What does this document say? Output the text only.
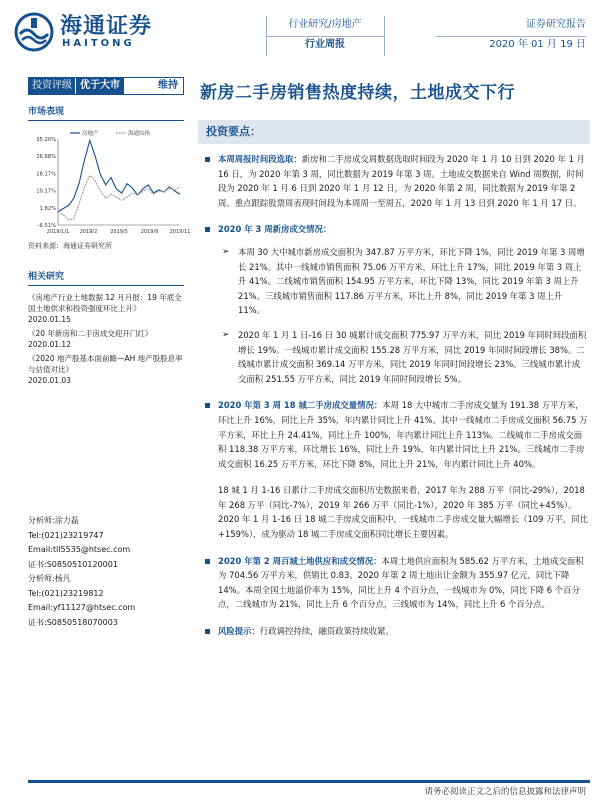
海通证券
HAITONG
行业研究/房地产
行业周报
证券研究报告
2020 年 01 月 19 日
投资评级 优于大市	维持 新房二手房销售热度持续，土地成交下行
市场表现
35.20%
26.68%
18.17%
10.17%
1.82%
-6.51%
2019/1/1 2019/2	2019/5	2019/8 2019/11
房地产	海通综指
资料来源：海通证券研究所
相关研究
《房地产行业土地数据 12 月月报：19 年底全国土地供求和投资强度环比上升》
2020.01.15
《20 年新房和二手房成交迎开门红》
2020.01.12
《2020 地产股基本面前瞻—AH 地产股股息率与估值对比》
2020.01.03
分析师:涂力磊
Tel:(021)23219747
Email:tll5535@htsec.com
证书:S0850510120001
分析师:杨凡
Tel:(021)23219812
Email:yf11127@htsec.com
证书:S0850518070003
投资要点：
本周周报时间段选取：新房和二手房成交周数据选取时间段为 2020 年 1 月 10 日到 2020 年 1 月 16 日，为 2020 年第 3 周，同比数据为 2019 年第 3 周。土地成交数据来自 Wind 周数据，时间段为 2020 年 1 月 6 日到 2020 年 1 月 12 日，为 2020 年第 2 周，同比数据为 2019 年第 2 周。重点跟踪股票周表现时间段为本周周一至周五，2020 年 1 月 13 日到 2020 年 1 月 17 日。
2020 年 3 周新房成交情况：
➢ 本周 30 大中城市新房成交面积为 347.87 万平方米，环比下降 1%，同比 2019 年第 3 周增长 21%。其中一线城市销售面积 75.06 万平方米，环比上升 17%，同比 2019 年第 3 周上升 41%。二线城市销售面积 154.95 万平方米，环比下降 13%，同比 2019 年第 3 周上升 21%。三线城市销售面积 117.86 万平方米，环比上升 8%，同比 2019 年第 3 周上升 11%。
➢ 2020 年 1 月 1 日-16 日 30 城累计成交面积 775.97 万平方米，同比 2019 年同时间段面积增长 19%。一线城市累计成交面积 155.28 万平方米，同比 2019 年同时间段增长 38%。二线城市累计成交面积 369.14 万平方米，同比 2019 年同时间段增长 23%。三线城市累计成交面积 251.55 万平方米，同比 2019 年同时间段增长 5%。
2020 年第 3 周 18 城二手房成交量情况：本周 18 大中城市二手房成交量为 191.38 万平方米，环比上升 16%，同比上升 35%，年内累计同比上升 41%。其中一线城市二手房成交面积 56.75 万平方米，环比上升 24.41%，同比上升 100%，年内累计同比上升 113%。二线城市二手房成交面积 118.38 万平方米，环比增长 16%，同比上升 19%，年内累计同比上升 21%。三线城市二手房成交面积 16.25 万平方米，环比下降 8%，同比上升 21%，年内累计同比上升 40%。
18 城 1 月 1-16 日累计二手房成交面积历史数据来看，2017 年为 288 万平（同比-29%），2018 年 268 万平（同比-7%），2019 年 266 万平（同比-1%），2020 年 385 万平（同比+45%）。2020 年 1 月 1-16 日 18 城二手房成交面积中，一线城市二手房成交量大幅增长（109 万平，同比+159%），成为驱动 18 城二手房成交面积同比增长主要因素。
2020 年第 2 周百城土地供应和成交情况：本周土地供应面积为 585.62 万平方米，土地成交面积为 704.56 万平方米，供销比 0.83。2020 年第 2 周土地出让金额为 355.97 亿元，同比下降 14%。本周全国土地溢价率为 15%，同比上升 4 个百分点，一线城市为 0%，同比下降 6 个百分点，二线城市为 21%，同比上升 6 个百分点，三线城市为 14%，同比上升 6 个百分点。
风险提示：行政调控持续，融资政策持续收紧。
请务必阅读正文之后的信息披露和法律声明
